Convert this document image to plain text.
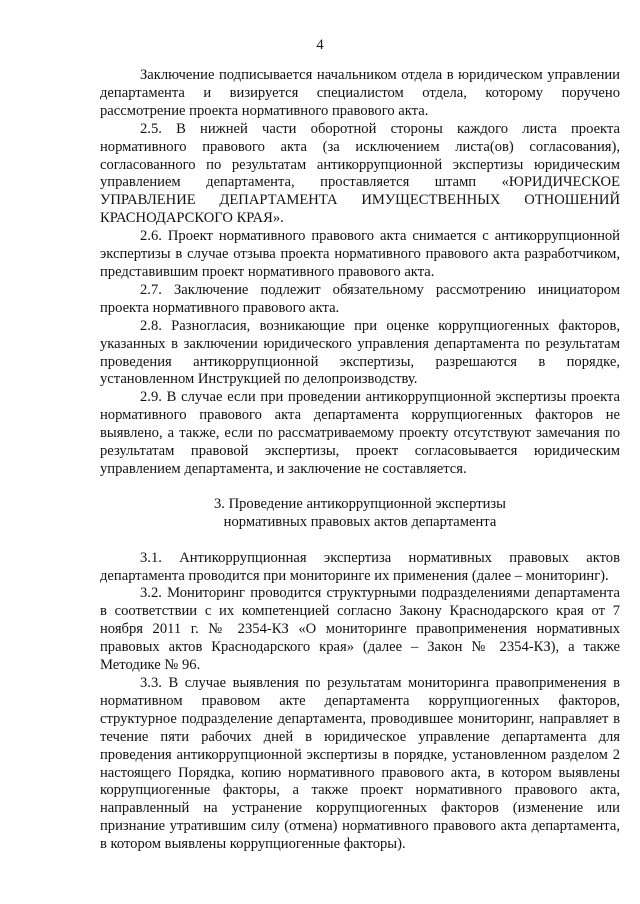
4

Заключение подписывается начальником отдела в юридическом управлении департамента и визируется специалистом отдела, которому поручено рассмотрение проекта нормативного правового акта.

2.5. В нижней части оборотной стороны каждого листа проекта нормативного правового акта (за исключением листа(ов) согласования), согласованного по результатам антикоррупционной экспертизы юридическим управлением департамента, проставляется штамп «ЮРИДИЧЕСКОЕ УПРАВЛЕНИЕ ДЕПАРТАМЕНТА ИМУЩЕСТВЕННЫХ ОТНОШЕНИЙ КРАСНОДАРСКОГО КРАЯ».

2.6. Проект нормативного правового акта снимается с антикоррупционной экспертизы в случае отзыва проекта нормативного правового акта разработчиком, представившим проект нормативного правового акта.

2.7. Заключение подлежит обязательному рассмотрению инициатором проекта нормативного правового акта.

2.8. Разногласия, возникающие при оценке коррупциогенных факторов, указанных в заключении юридического управления департамента по результатам проведения антикоррупционной экспертизы, разрешаются в порядке, установленном Инструкцией по делопроизводству.

2.9. В случае если при проведении антикоррупционной экспертизы проекта нормативного правового акта департамента коррупциогенных факторов не выявлено, а также, если по рассматриваемому проекту отсутствуют замечания по результатам правовой экспертизы, проект согласовывается юридическим управлением департамента, и заключение не составляется.

3. Проведение антикоррупционной экспертизы

нормативных правовых актов департамента

3.1. Антикоррупционная экспертиза нормативных правовых актов департамента проводится при мониторинге их применения (далее – мониторинг).

3.2. Мониторинг проводится структурными подразделениями департамента в соответствии с их компетенцией согласно Закону Краснодарского края от 7 ноября 2011 г. № 2354-КЗ «О мониторинге правоприменения нормативных правовых актов Краснодарского края» (далее – Закон № 2354-КЗ), а также Методике № 96.

3.3. В случае выявления по результатам мониторинга правоприменения в нормативном правовом акте департамента коррупциогенных факторов, структурное подразделение департамента, проводившее мониторинг, направляет в течение пяти рабочих дней в юридическое управление департамента для проведения антикоррупционной экспертизы в порядке, установленном разделом 2 настоящего Порядка, копию нормативного правового акта, в котором выявлены коррупциогенные факторы, а также проект нормативного правового акта, направленный на устранение коррупциогенных факторов (изменение или признание утратившим силу (отмена) нормативного правового акта департамента, в котором выявлены коррупциогенные факторы).
